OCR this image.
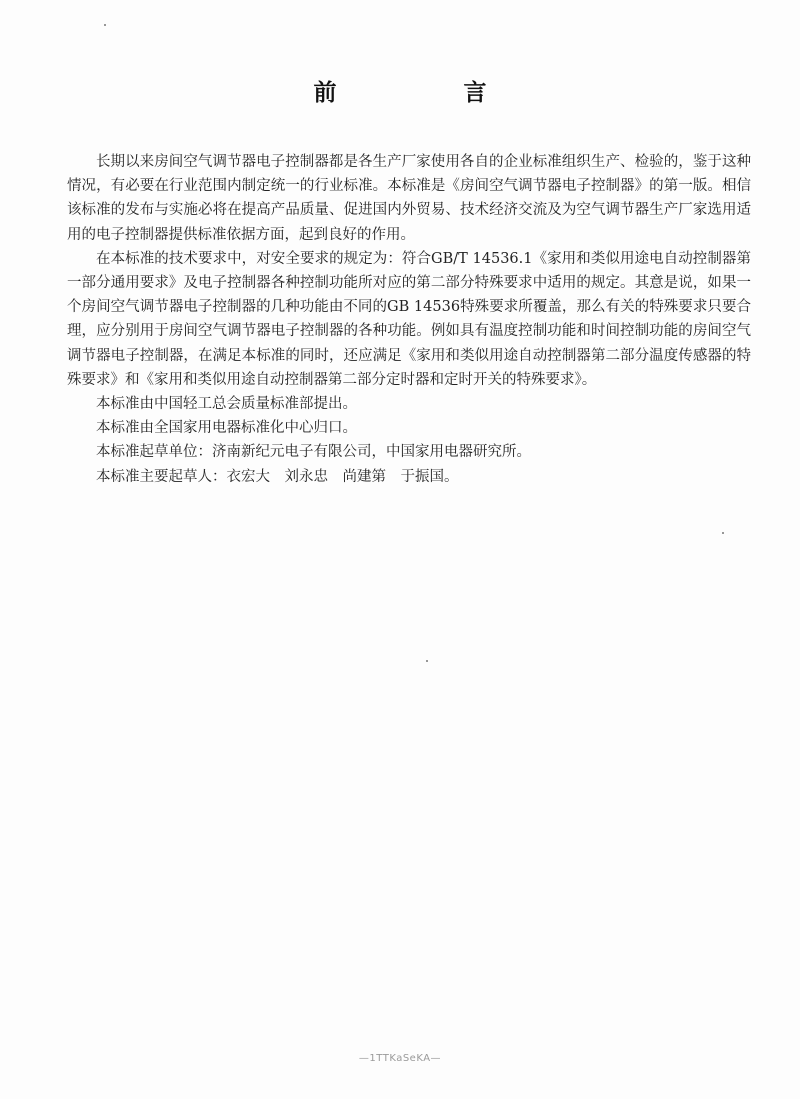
前　言

长期以来房间空气调节器电子控制器都是各生产厂家使用各自的企业标准组织生产、检验的，鉴于这种情况，有必要在行业范围内制定统一的行业标准。本标准是《房间空气调节器电子控制器》的第一版。相信该标准的发布与实施必将在提高产品质量、促进国内外贸易、技术经济交流及为空气调节器生产厂家选用适用的电子控制器提供标准依据方面，起到良好的作用。

在本标准的技术要求中，对安全要求的规定为：符合GB/T 14536.1《家用和类似用途电自动控制器第一部分通用要求》及电子控制器各种控制功能所对应的第二部分特殊要求中适用的规定。其意是说，如果一个房间空气调节器电子控制器的几种功能由不同的GB 14536特殊要求所覆盖，那么有关的特殊要求只要合理，应分别用于房间空气调节器电子控制器的各种功能。例如具有温度控制功能和时间控制功能的房间空气调节器电子控制器，在满足本标准的同时，还应满足《家用和类似用途自动控制器第二部分温度传感器的特殊要求》和《家用和类似用途自动控制器第二部分定时器和定时开关的特殊要求》。

本标准由中国轻工总会质量标准部提出。

本标准由全国家用电器标准化中心归口。

本标准起草单位：济南新纪元电子有限公司，中国家用电器研究所。

本标准主要起草人：衣宏大　刘永忠　尚建第　于振国。

—1TTKaSeKA—
